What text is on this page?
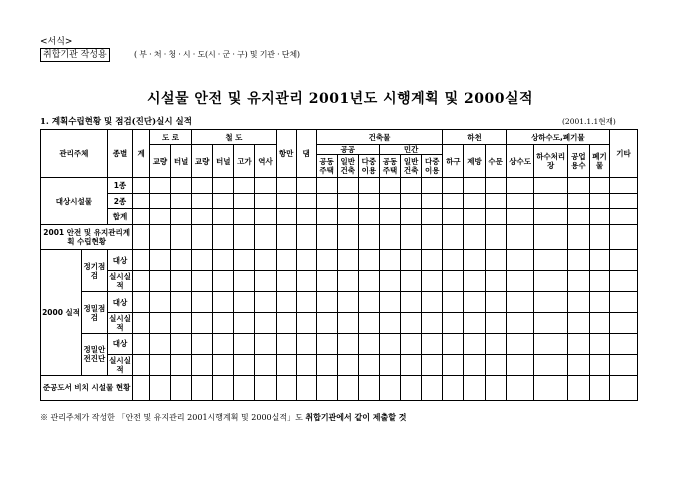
<서식>
취합기관 작성용	( 부 · 처 · 청 · 시 · 도(시 · 군 · 구) 및 기관 · 단체)
시설물 안전 및 유지관리 2001년도 시행계획 및 2000실적
1. 계획수립현황 및 점검(진단)실시 실적	(2001.1.1현재)
관리주체		종별	계	도 로		철 도				항만	댐	건축물						하천			상하수도,폐기물				기타
				교량	터널	교량	터널	고가	역사			공공			민간			하구	제방	수문	상수도	하수처리장	공업용수	폐기물	
												공동주택	일반건축	다중이용	공동주택	일반건축	다중이용								
대상시설물		1종																							
		2종																							
		합계																							
2001 안전 및 유지관리계획 수립현황																									
2000 실적	정기점검	대상																							
		실시실적																							
	정밀점검	대상																							
		실시실적																							
	정밀안전진단	대상																							
		실시실적																							
준공도서 비치 시설물 현황																									
※ 관리주체가 작성한 「안전 및 유지관리 2001시행계획 및 2000실적」도 취합기관에서 같이 제출할 것
